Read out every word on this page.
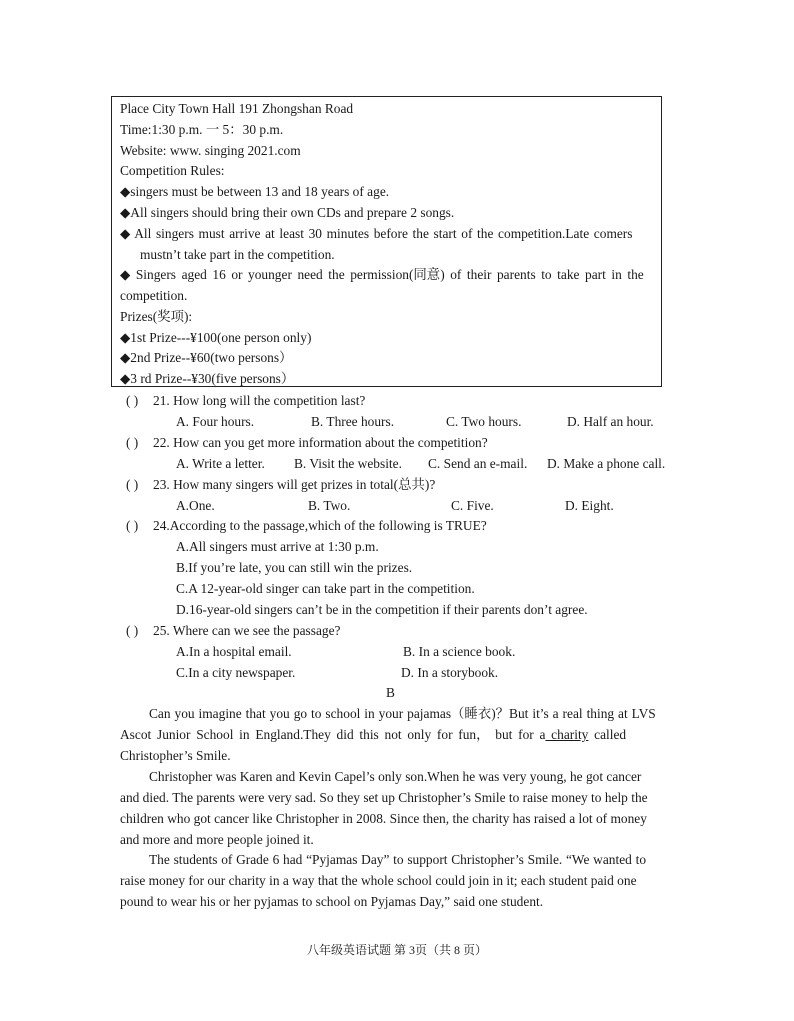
Place City Town Hall 191 Zhongshan Road
Time:1:30 p.m. 一 5：30 p.m.
Website: www. singing 2021.com
Competition Rules:
◆singers must be between 13 and 18 years of age.
◆All singers should bring their own CDs and prepare 2 songs.
◆ All singers must arrive at least 30 minutes before the start of the competition.Late comers
mustn’t take part in the competition.
◆ Singers aged 16 or younger need the permission(同意) of their parents to take part in the
competition.
Prizes(奖项):
◆1st Prize---¥100(one person only)
◆2nd Prize--¥60(two persons）
◆3 rd Prize--¥30(five persons）
( ) 21. How long will the competition last?
A. Four hours.	B. Three hours.	C. Two hours.	D. Half an hour.
( ) 22. How can you get more information about the competition?
A. Write a letter. B. Visit the website. C. Send an e-mail. D. Make a phone call.
( ) 23. How many singers will get prizes in total(总共)?
A.One.	B. Two.	C. Five.	D. Eight.
( ) 24.According to the passage,which of the following is TRUE?
A.All singers must arrive at 1:30 p.m.
B.If you’re late, you can still win the prizes.
C.A 12-year-old singer can take part in the competition.
D.16-year-old singers can’t be in the competition if their parents don’t agree.
( ) 25. Where can we see the passage?
A.In a hospital email.	B. In a science book.
C.In a city newspaper.	D. In a storybook.
B
Can you imagine that you go to school in your pajamas（睡衣)？But it’s a real thing at LVS
Ascot Junior School in England.They did this not only for fun， but for a charity called
Christopher’s Smile.
Christopher was Karen and Kevin Capel’s only son.When he was very young, he got cancer
and died. The parents were very sad. So they set up Christopher’s Smile to raise money to help the
children who got cancer like Christopher in 2008. Since then, the charity has raised a lot of money
and more and more people joined it.
The students of Grade 6 had “Pyjamas Day” to support Christopher’s Smile. “We wanted to
raise money for our charity in a way that the whole school could join in it; each student paid one
pound to wear his or her pyjamas to school on Pyjamas Day,” said one student.
八年级英语试题 第 3页（共 8 页）
